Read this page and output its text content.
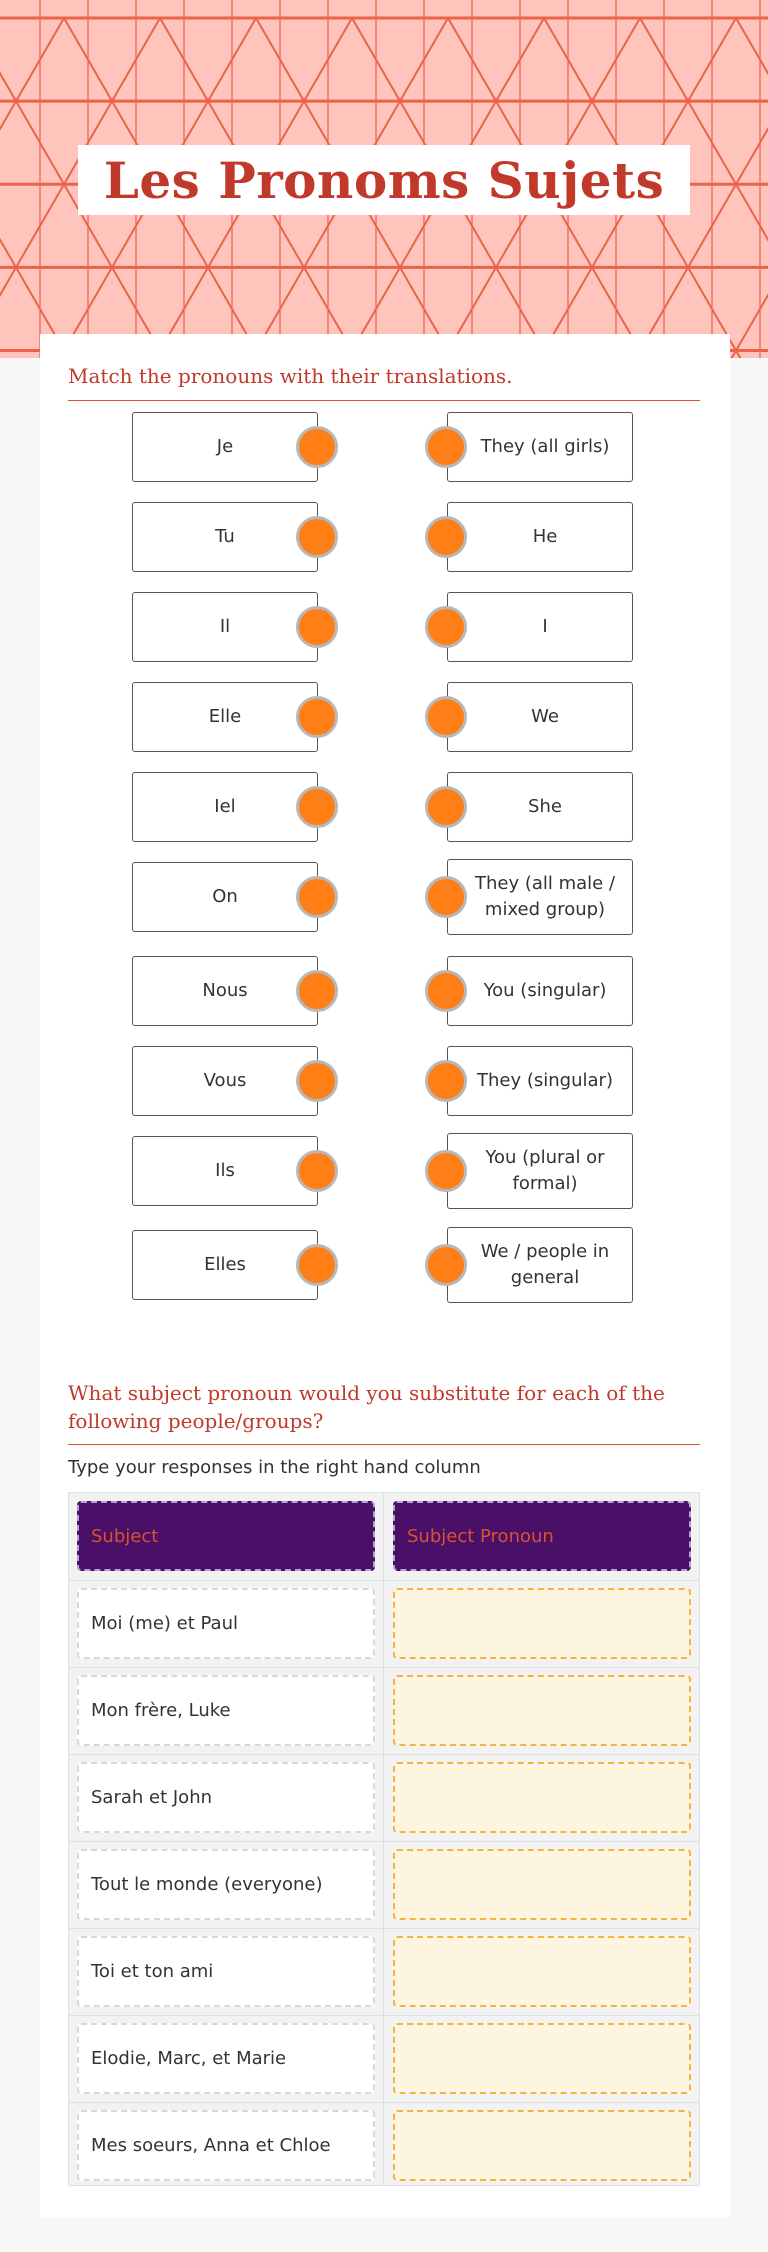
Les Pronoms Sujets
Match the pronouns with their translations.
Je
Tu
Il
Elle
Iel
On
Nous
Vous
Ils
Elles
They (all girls)
He
I
We
She
They (all male / mixed group)
You (singular)
They (singular)
You (plural or formal)
We / people in general
What subject pronoun would you substitute for each of the following people/groups?
Type your responses in the right hand column
Subject	Subject Pronoun
Moi (me) et Paul
Mon frère, Luke
Sarah et John
Tout le monde (everyone)
Toi et ton ami
Elodie, Marc, et Marie
Mes soeurs, Anna et Chloe
